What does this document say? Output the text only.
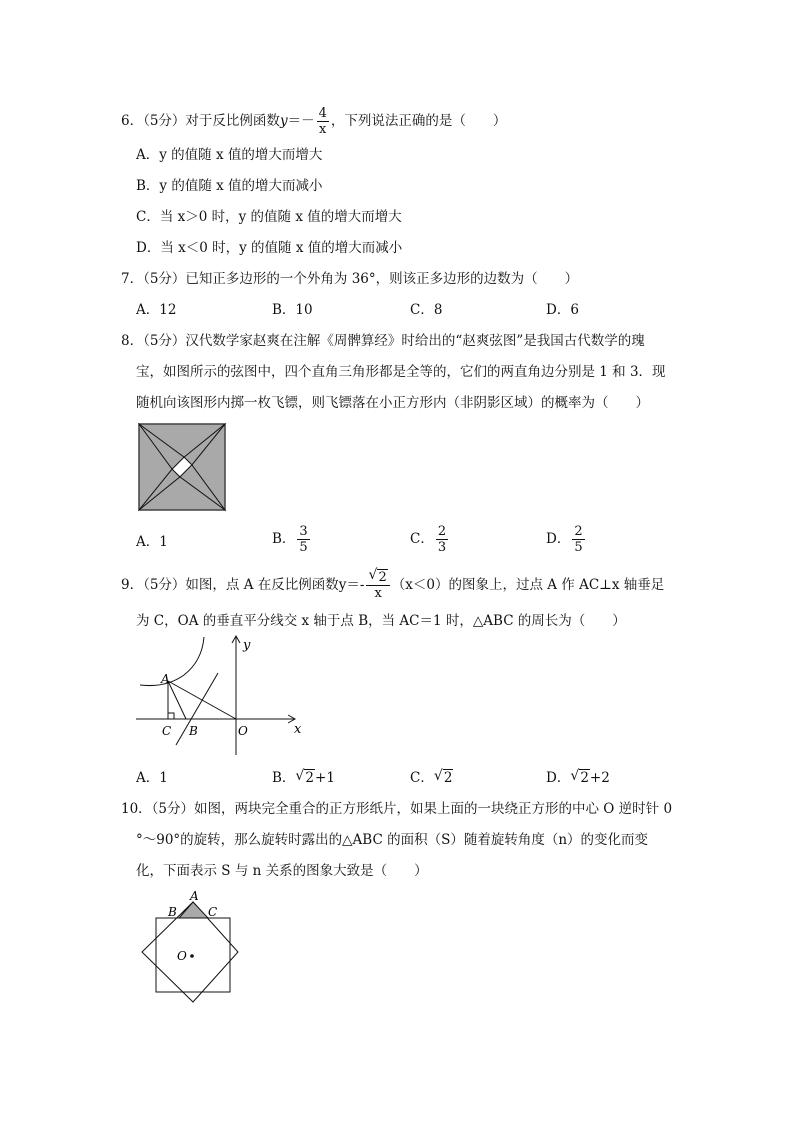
6．（5分）对于反比例函数$y=- \frac{4}{x}$ ，下列说法正确的是（　　）
A．y 的值随 x 值的增大而增大
B．y 的值随 x 值的增大而减小
C．当 x＞0 时，y 的值随 x 值的增大而增大
D．当 x＜0 时，y 的值随 x 值的增大而减小
7．（5分）已知正多边形的一个外角为 36°，则该正多边形的边数为（　　）
A．12	B．10	C．8	D．6
8．（5分）汉代数学家赵爽在注解《周髀算经》时给出的“赵爽弦图”是我国古代数学的瑰
宝，如图所示的弦图中，四个直角三角形都是全等的，它们的两直角边分别是 1 和 3．现
随机向该图形内掷一枚飞镖，则飞镖落在小正方形内（非阴影区域）的概率为（　　）
A．1	B． $\frac{3}{5}$	C． $\frac{2}{3}$	D． $\frac{2}{5}$
9．（5分）如图，点 A 在反比例函数$y=- \frac{√ 2}{x} (x<0)$的图象上，过点 A 作 AC⊥x 轴垂足
为 C，OA 的垂直平分线交 x 轴于点 B，当 AC＝1 时，△ABC 的周长为（　　）
y
x
A
C B	O
A．1	B． √ 2+1	C． √ 2	D． √ 2+2
10．（5分）如图，两块完全重合的正方形纸片，如果上面的一块绕正方形的中心 O 逆时针 0
°～90°的旋转，那么旋转时露出的△ABC 的面积（S）随着旋转角度（n）的变化而变
化，下面表示 S 与 n 关系的图象大致是（　　）
A
B	C
O
